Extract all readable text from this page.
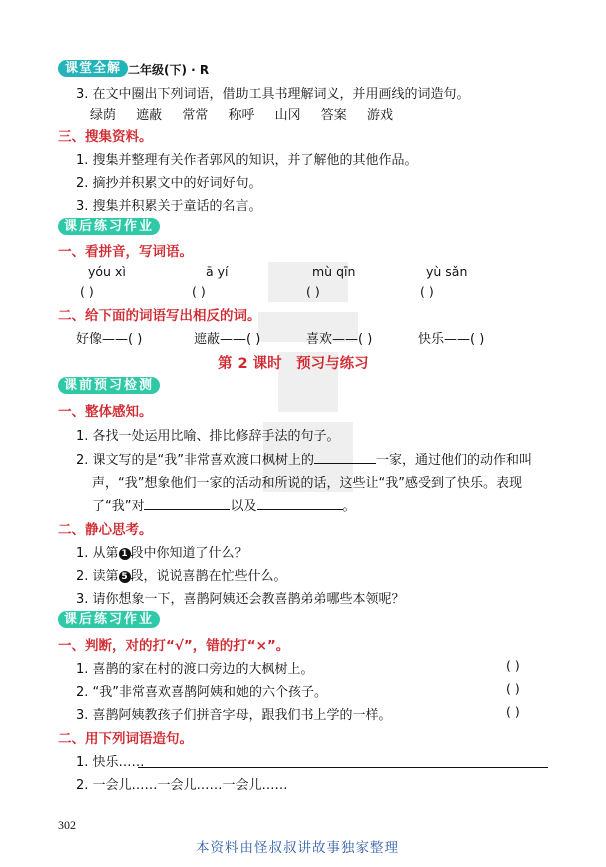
课堂全解 二年级(下) · R
3. 在文中圈出下列词语，借助工具书理解词义，并用画线的词造句。
绿荫 遮蔽 常常 称呼 山冈 答案 游戏
三、搜集资料。
1. 搜集并整理有关作者郭风的知识，并了解他的其他作品。
2. 摘抄并积累文中的好词好句。
3. 搜集并积累关于童话的名言。
课后练习作业
一、看拼音，写词语。
yóu xì	ā yí	mù qīn	yù sǎn
( )	( )	( )	( )
二、给下面的词语写出相反的词。
好像——( )	遮蔽——( )	喜欢——( )	快乐——( )
第 2 课时　预习与练习
课前预习检测
一、整体感知。
1. 各找一处运用比喻、排比修辞手法的句子。
2. 课文写的是“我”非常喜欢渡口枫树上的	一家，通过他们的动作和叫
声，“我”想象他们一家的活动和所说的话，这些让“我”感受到了快乐。表现
了“我”对	以及	。
二、静心思考。
1. 从第 1 段中你知道了什么？
2. 读第 5 段，说说喜鹊在忙些什么。
3. 请你想象一下，喜鹊阿姨还会教喜鹊弟弟哪些本领呢？
课后练习作业
一、判断，对的打“√”，错的打“×”。
1. 喜鹊的家在村的渡口旁边的大枫树上。	( )
2. “我”非常喜欢喜鹊阿姨和她的六个孩子。	( )
3. 喜鹊阿姨教孩子们拼音字母，跟我们书上学的一样。	( )
二、用下列词语造句。
1. 快乐……
2. 一会儿……一会儿……一会儿……
302
本资料由怪叔叔讲故事独家整理
